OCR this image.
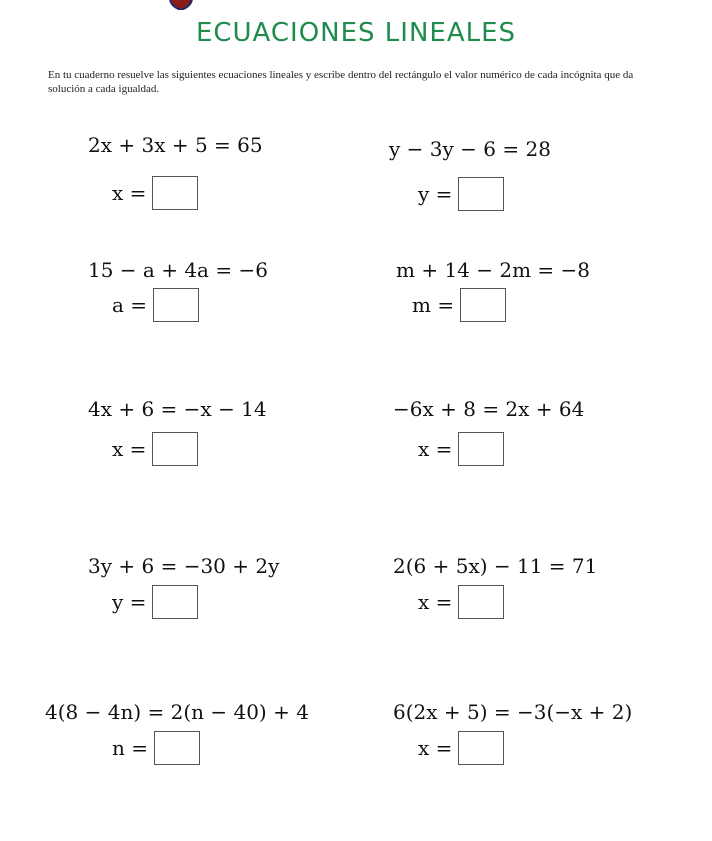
ECUACIONES LINEALES
En tu cuaderno resuelve las siguientes ecuaciones lineales y escribe dentro del rectángulo el valor numérico de cada incógnita que da solución a cada igualdad.
2x + 3x + 5 = 65
x =
y − 3y − 6 = 28
y =
15 − a + 4a = −6
a =
m + 14 − 2m = −8
m =
4x + 6 = −x − 14
x =
−6x + 8 = 2x + 64
x =
3y + 6 = −30 + 2y
y =
2(6 + 5x) − 11 = 71
x =
4(8 − 4n) = 2(n − 40) + 4
n =
6(2x + 5) = −3(−x + 2)
x =
